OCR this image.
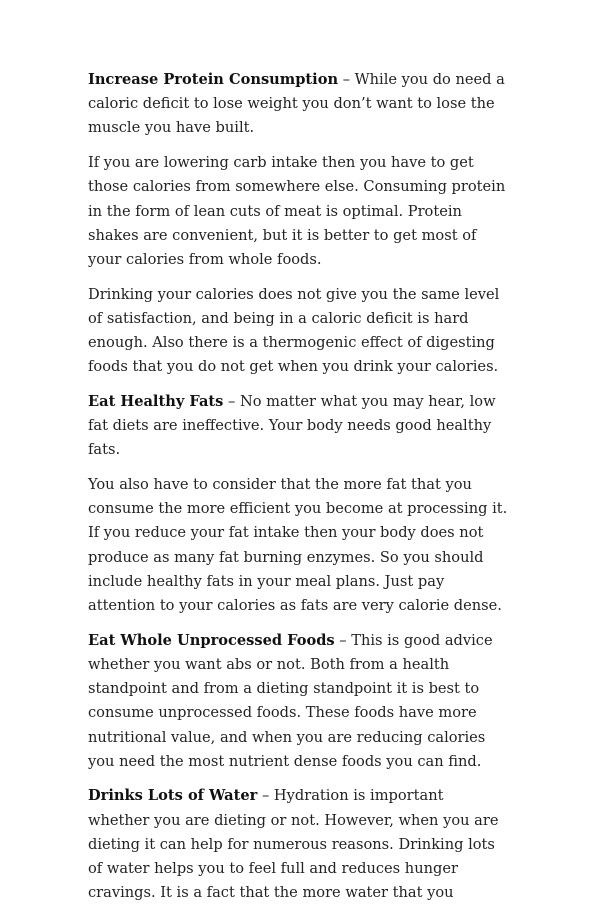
Increase Protein Consumption – While you do need a caloric deficit to lose weight you don’t want to lose the muscle you have built.

If you are lowering carb intake then you have to get those calories from somewhere else. Consuming protein in the form of lean cuts of meat is optimal. Protein shakes are convenient, but it is better to get most of your calories from whole foods.

Drinking your calories does not give you the same level of satisfaction, and being in a caloric deficit is hard enough. Also there is a thermogenic effect of digesting foods that you do not get when you drink your calories.

Eat Healthy Fats – No matter what you may hear, low fat diets are ineffective. Your body needs good healthy fats.

You also have to consider that the more fat that you consume the more efficient you become at processing it. If you reduce your fat intake then your body does not produce as many fat burning enzymes. So you should include healthy fats in your meal plans. Just pay attention to your calories as fats are very calorie dense.

Eat Whole Unprocessed Foods – This is good advice whether you want abs or not. Both from a health standpoint and from a dieting standpoint it is best to consume unprocessed foods. These foods have more nutritional value, and when you are reducing calories you need the most nutrient dense foods you can find.

Drinks Lots of Water – Hydration is important whether you are dieting or not. However, when you are dieting it can help for numerous reasons. Drinking lots of water helps you to feel full and reduces hunger cravings. It is a fact that the more water that you
